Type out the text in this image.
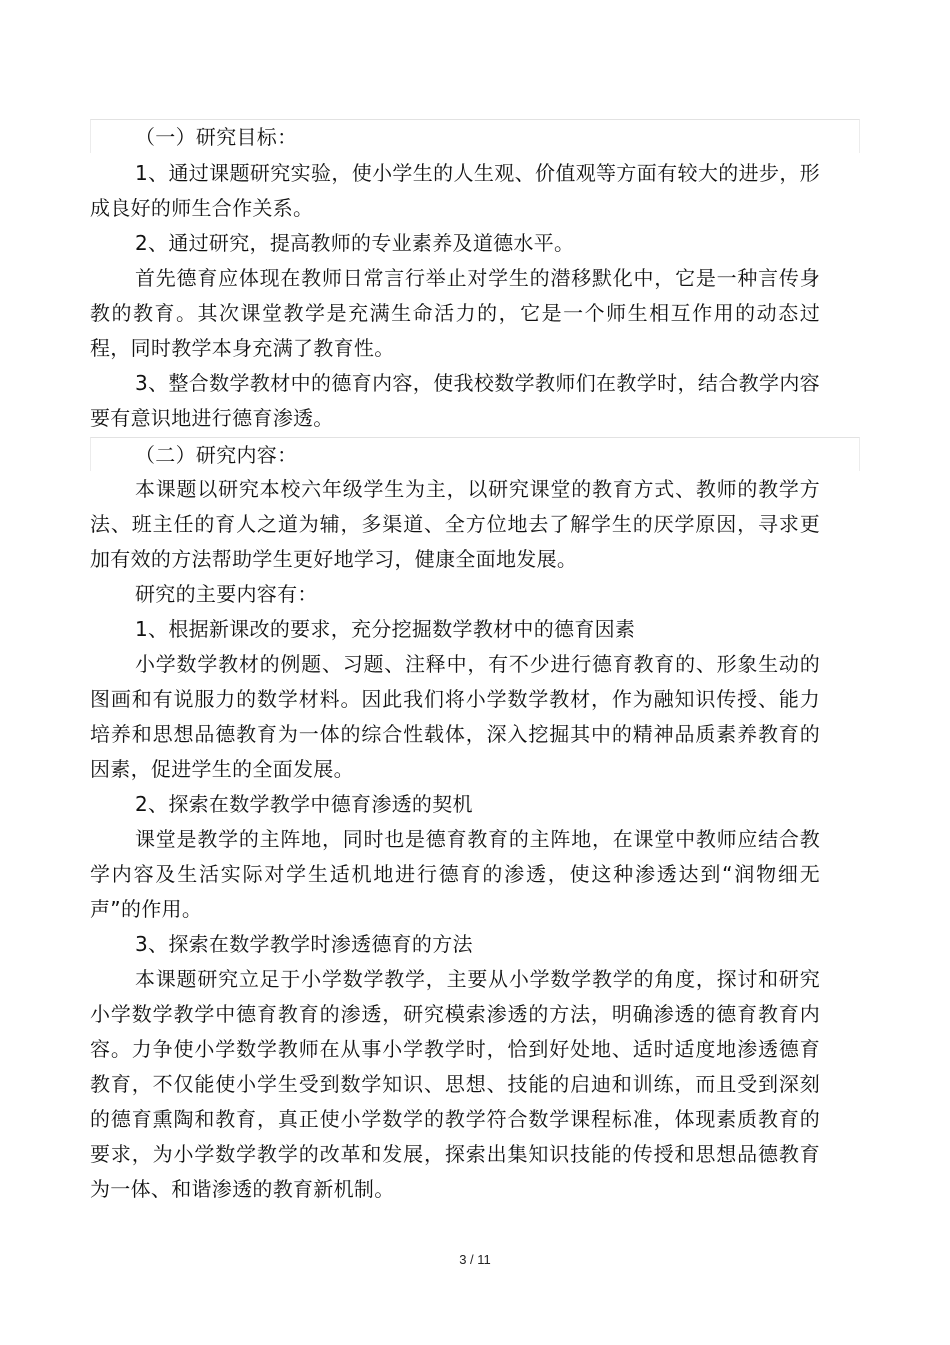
（一）研究目标：

1、通过课题研究实验，使小学生的人生观、价值观等方面有较大的进步，形成良好的师生合作关系。

2、通过研究，提高教师的专业素养及道德水平。

首先德育应体现在教师日常言行举止对学生的潜移默化中，它是一种言传身教的教育。其次课堂教学是充满生命活力的，它是一个师生相互作用的动态过程，同时教学本身充满了教育性。

3、整合数学教材中的德育内容，使我校数学教师们在教学时，结合教学内容要有意识地进行德育渗透。

（二）研究内容：

本课题以研究本校六年级学生为主，以研究课堂的教育方式、教师的教学方法、班主任的育人之道为辅，多渠道、全方位地去了解学生的厌学原因，寻求更加有效的方法帮助学生更好地学习，健康全面地发展。

研究的主要内容有：

1、根据新课改的要求，充分挖掘数学教材中的德育因素

小学数学教材的例题、习题、注释中，有不少进行德育教育的、形象生动的图画和有说服力的数学材料。因此我们将小学数学教材，作为融知识传授、能力培养和思想品德教育为一体的综合性载体，深入挖掘其中的精神品质素养教育的因素，促进学生的全面发展。

2、探索在数学教学中德育渗透的契机

课堂是教学的主阵地，同时也是德育教育的主阵地，在课堂中教师应结合教学内容及生活实际对学生适机地进行德育的渗透，使这种渗透达到“润物细无声”的作用。

3、探索在数学教学时渗透德育的方法

本课题研究立足于小学数学教学，主要从小学数学教学的角度，探讨和研究小学数学教学中德育教育的渗透，研究模索渗透的方法，明确渗透的德育教育内容。力争使小学数学教师在从事小学教学时，恰到好处地、适时适度地渗透德育教育，不仅能使小学生受到数学知识、思想、技能的启迪和训练，而且受到深刻的德育熏陶和教育，真正使小学数学的教学符合数学课程标准，体现素质教育的要求，为小学数学教学的改革和发展，探索出集知识技能的传授和思想品德教育为一体、和谐渗透的教育新机制。

3 / 11
